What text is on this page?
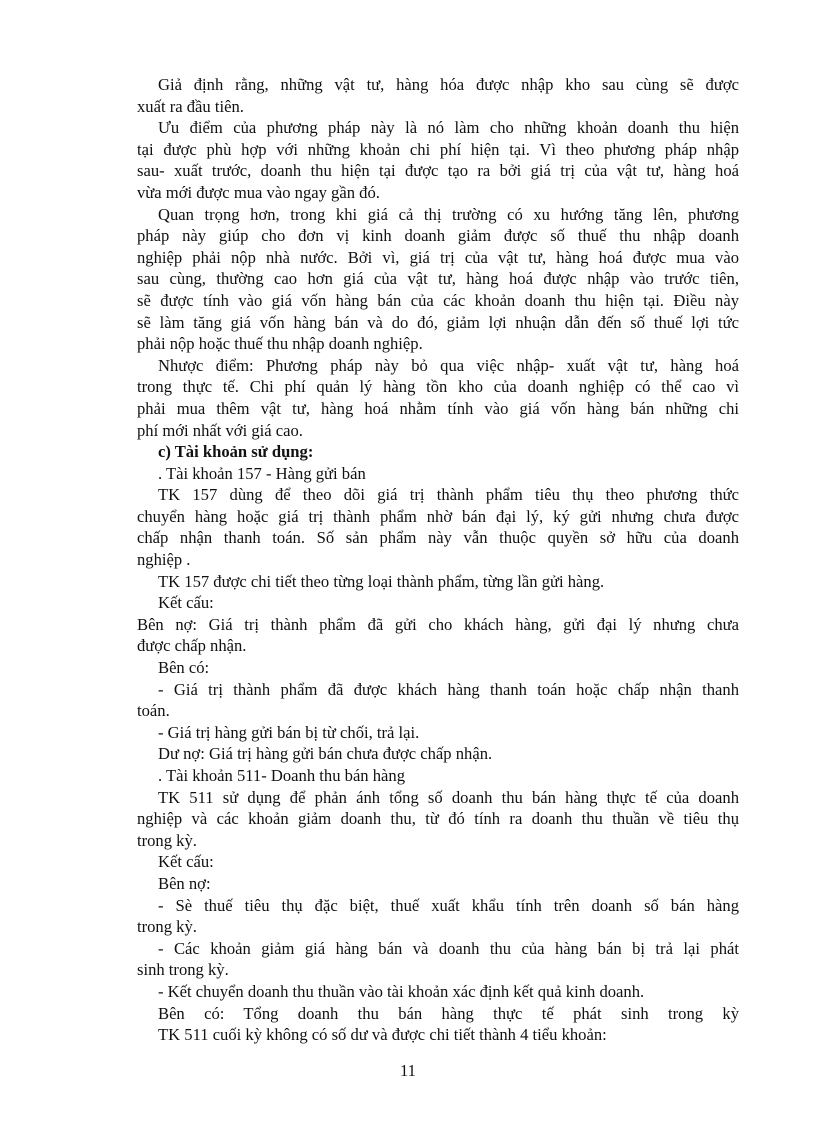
Giả định rằng, những vật tư, hàng hóa được nhập kho sau cùng sẽ được
xuất ra đầu tiên.
Ưu điểm của phương pháp này là nó làm cho những khoản doanh thu hiện
tại được phù hợp với những khoản chi phí hiện tại. Vì theo phương pháp nhập
sau- xuất trước, doanh thu hiện tại được tạo ra bởi giá trị của vật tư, hàng hoá
vừa mới được mua vào ngay gần đó.
Quan trọng hơn, trong khi giá cả thị trường có xu hướng tăng lên, phương
pháp này giúp cho đơn vị kinh doanh giảm được số thuế thu nhập doanh
nghiệp phải nộp nhà nước. Bởi vì, giá trị của vật tư, hàng hoá được mua vào
sau cùng, thường cao hơn giá của vật tư, hàng hoá được nhập vào trước tiên,
sẽ được tính vào giá vốn hàng bán của các khoản doanh thu hiện tại. Điều này
sẽ làm tăng giá vốn hàng bán và do đó, giảm lợi nhuận dẫn đến số thuế lợi tức
phải nộp hoặc thuế thu nhập doanh nghiệp.
Nhược điểm: Phương pháp này bỏ qua việc nhập- xuất vật tư, hàng hoá
trong thực tế. Chi phí quản lý hàng tồn kho của doanh nghiệp có thể cao vì
phải mua thêm vật tư, hàng hoá nhằm tính vào giá vốn hàng bán những chi
phí mới nhất với giá cao.
c) Tài khoản sử dụng:
. Tài khoản 157 - Hàng gửi bán
TK 157 dùng để theo dõi giá trị thành phẩm tiêu thụ theo phương thức
chuyển hàng hoặc giá trị thành phẩm nhờ bán đại lý, ký gửi nhưng chưa được
chấp nhận thanh toán. Số sản phẩm này vẫn thuộc quyền sở hữu của doanh
nghiệp .
TK 157 được chi tiết theo từng loại thành phẩm, từng lần gửi hàng.
Kết cấu:
Bên nợ: Giá trị thành phẩm đã gửi cho khách hàng, gửi đại lý nhưng chưa
được chấp nhận.
Bên có:
- Giá trị thành phẩm đã được khách hàng thanh toán hoặc chấp nhận thanh
toán.
- Giá trị hàng gửi bán bị từ chối, trả lại.
Dư nợ: Giá trị hàng gửi bán chưa được chấp nhận.
. Tài khoản 511- Doanh thu bán hàng
TK 511 sử dụng để phản ánh tổng số doanh thu bán hàng thực tế của doanh
nghiệp và các khoản giảm doanh thu, từ đó tính ra doanh thu thuần về tiêu thụ
trong kỳ.
Kết cấu:
Bên nợ:
- Sè thuế tiêu thụ đặc biệt, thuế xuất khẩu tính trên doanh số bán hàng
trong kỳ.
- Các khoản giảm giá hàng bán và doanh thu của hàng bán bị trả lại phát
sinh trong kỳ.
- Kết chuyển doanh thu thuần vào tài khoản xác định kết quả kinh doanh.
Bên có: Tổng doanh thu bán hàng thực tế phát sinh trong kỳ
TK 511 cuối kỳ không có số dư và được chi tiết thành 4 tiểu khoản:
11
